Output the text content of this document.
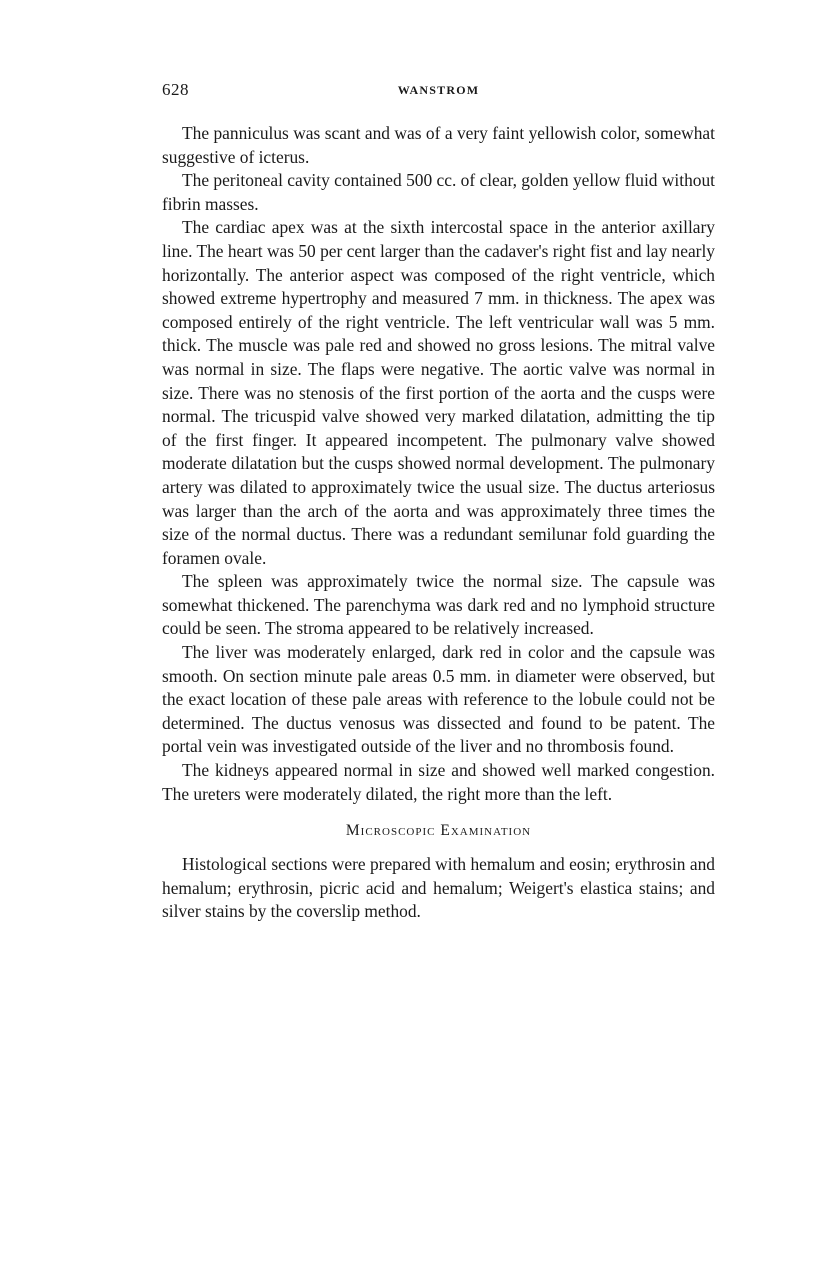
628	WANSTROM

The panniculus was scant and was of a very faint yellowish color, somewhat suggestive of icterus.

The peritoneal cavity contained 500 cc. of clear, golden yellow fluid without fibrin masses.

The cardiac apex was at the sixth intercostal space in the anterior axillary line. The heart was 50 per cent larger than the cadaver's right fist and lay nearly horizontally. The anterior aspect was composed of the right ventricle, which showed extreme hypertrophy and measured 7 mm. in thickness. The apex was composed entirely of the right ventricle. The left ventricular wall was 5 mm. thick. The muscle was pale red and showed no gross lesions. The mitral valve was normal in size. The flaps were negative. The aortic valve was normal in size. There was no stenosis of the first portion of the aorta and the cusps were normal. The tricuspid valve showed very marked dilatation, admitting the tip of the first finger. It appeared incompetent. The pulmonary valve showed moderate dilatation but the cusps showed normal development. The pulmonary artery was dilated to approximately twice the usual size. The ductus arteriosus was larger than the arch of the aorta and was approximately three times the size of the normal ductus. There was a redundant semilunar fold guarding the foramen ovale.

The spleen was approximately twice the normal size. The capsule was somewhat thickened. The parenchyma was dark red and no lymphoid structure could be seen. The stroma appeared to be relatively increased.

The liver was moderately enlarged, dark red in color and the capsule was smooth. On section minute pale areas 0.5 mm. in diameter were observed, but the exact location of these pale areas with reference to the lobule could not be determined. The ductus venosus was dissected and found to be patent. The portal vein was investigated outside of the liver and no thrombosis found.

The kidneys appeared normal in size and showed well marked congestion. The ureters were moderately dilated, the right more than the left.

Microscopic Examination

Histological sections were prepared with hemalum and eosin; erythrosin and hemalum; erythrosin, picric acid and hemalum; Weigert's elastica stains; and silver stains by the coverslip method.
